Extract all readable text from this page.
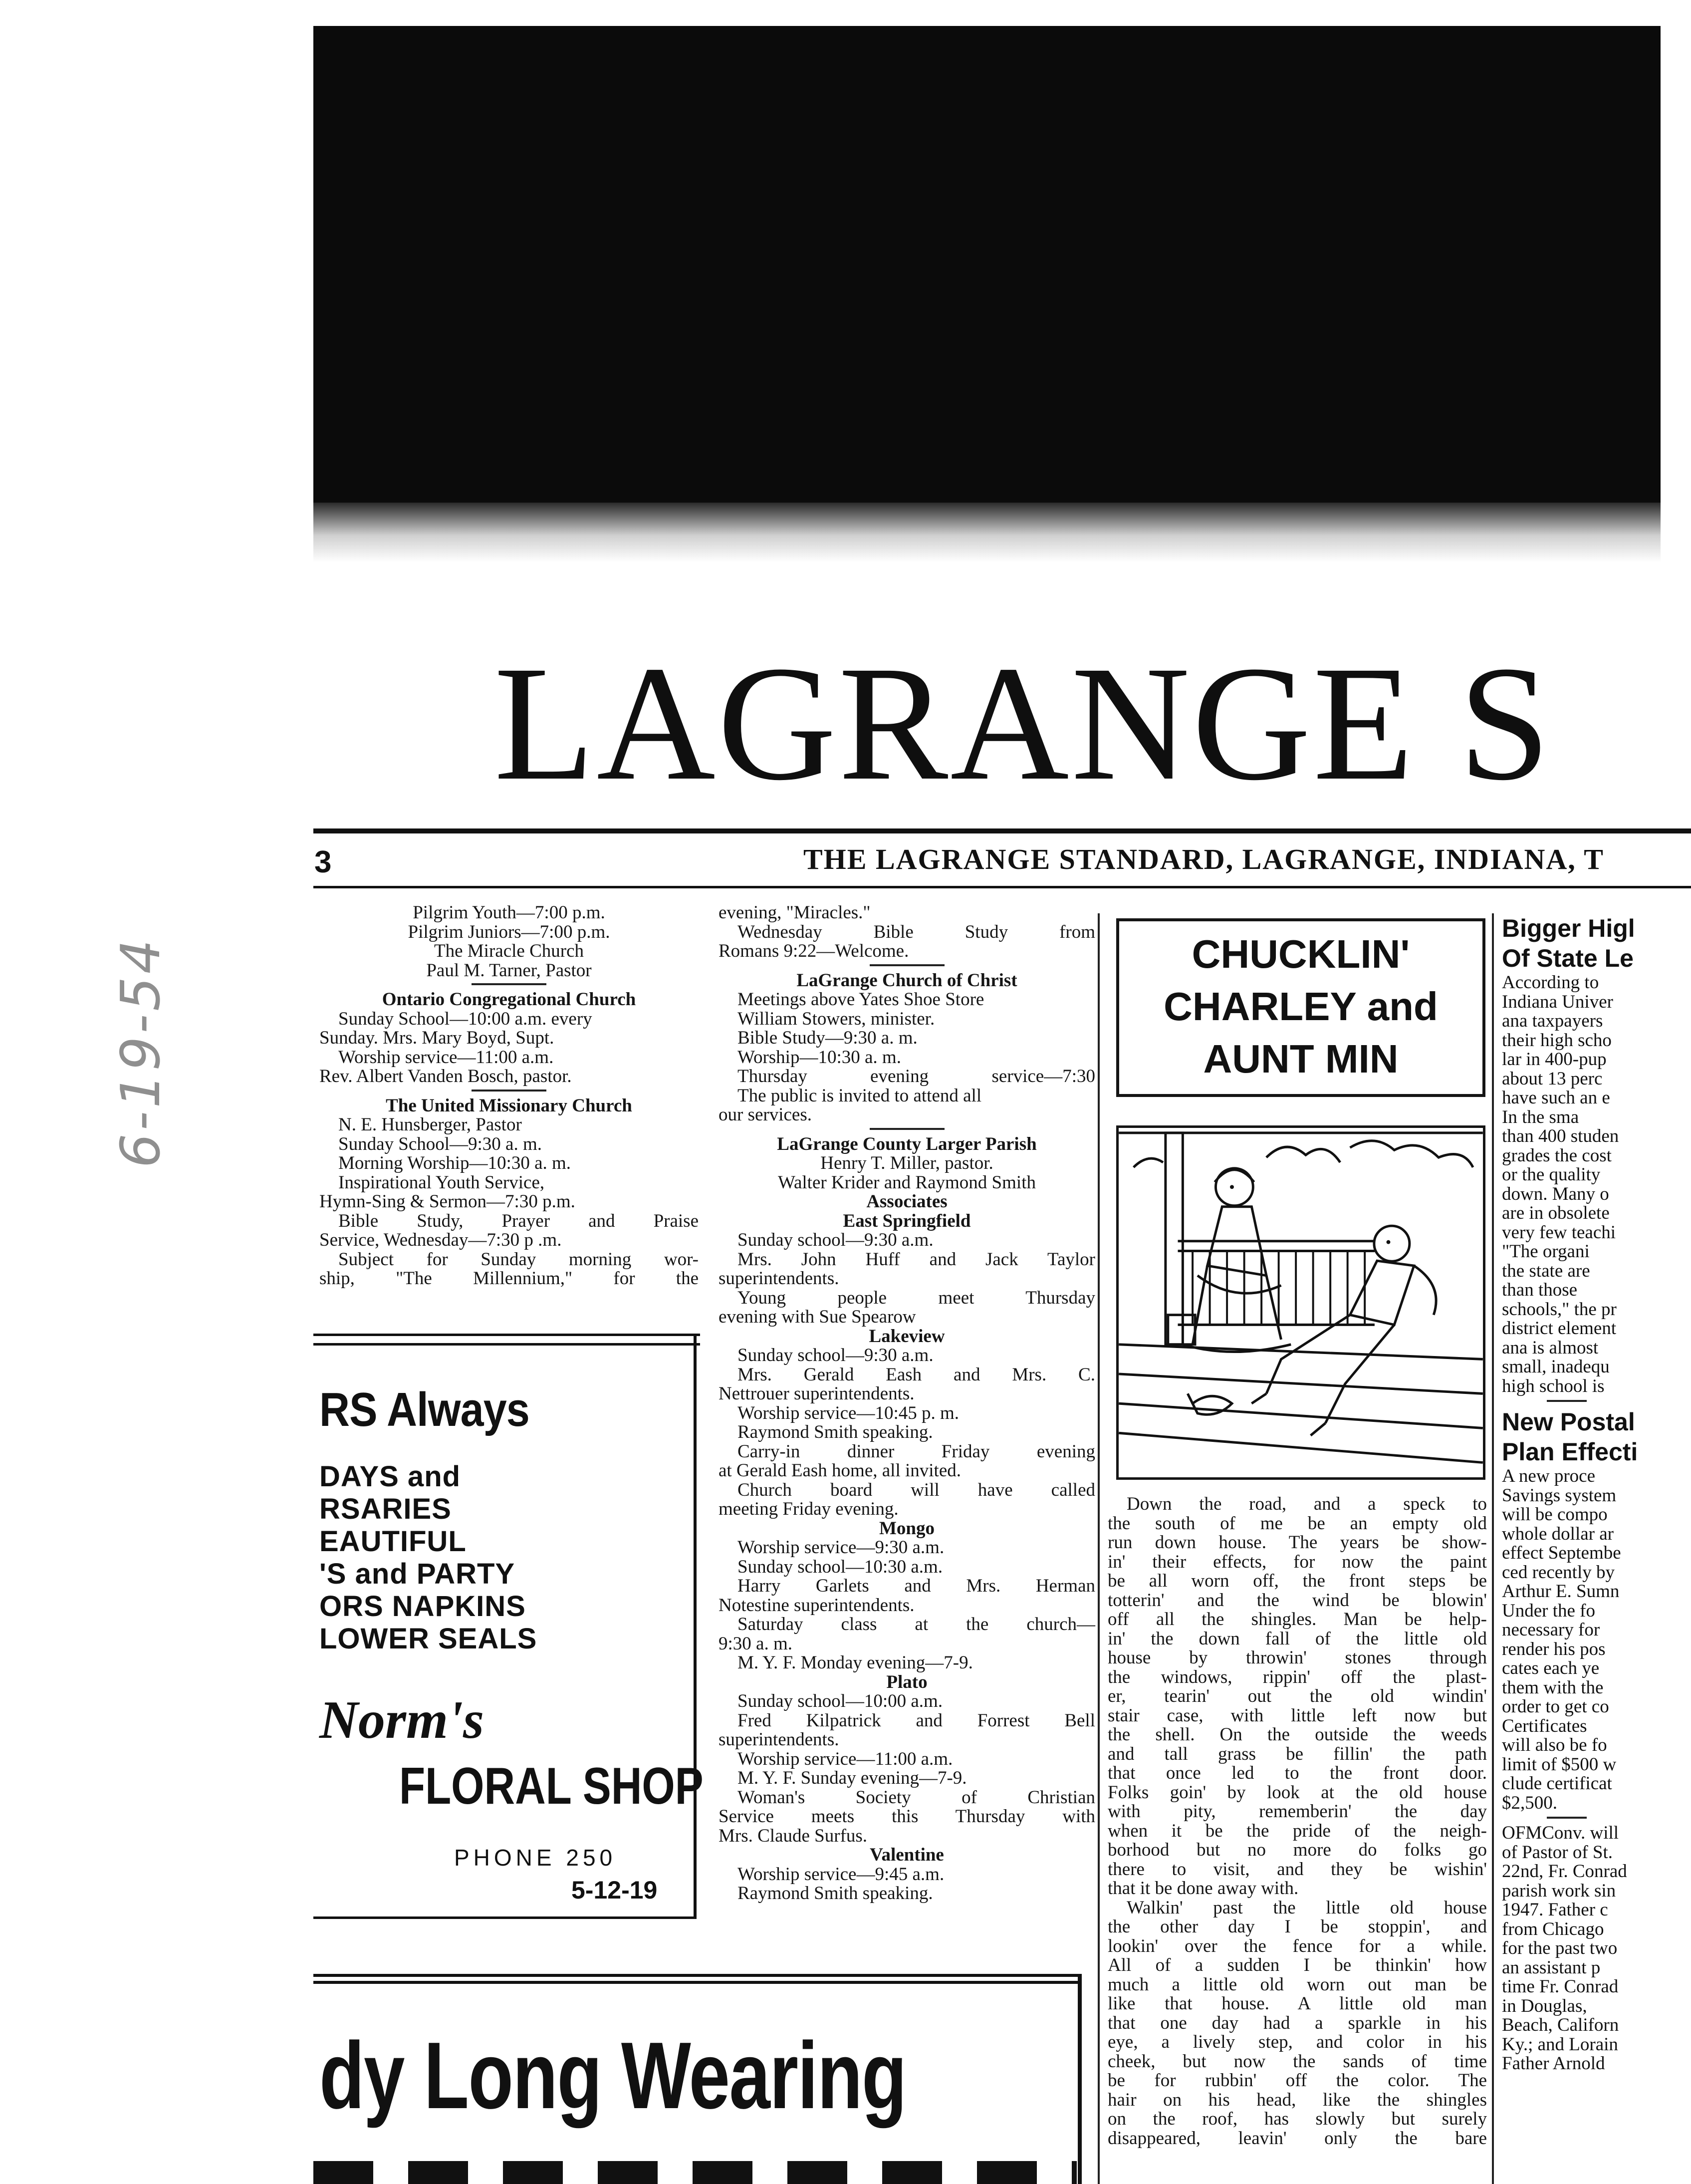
6-19-54
LAGRANGE S
3	THE LAGRANGE STANDARD, LAGRANGE, INDIANA, T

Pilgrim Youth—7:00 p.m.

Pilgrim Juniors—7:00 p.m.

The Miracle Church

Paul M. Tarner, Pastor

Ontario Congregational Church

Sunday School—10:00 a.m. every

Sunday. Mrs. Mary Boyd, Supt.

Worship service—11:00 a.m.

Rev. Albert Vanden Bosch, pastor.

The United Missionary Church

N. E. Hunsberger, Pastor

Sunday School—9:30 a. m.

Morning Worship—10:30 a. m.

Inspirational Youth Service,

Hymn-Sing & Sermon—7:30 p.m.

Bible Study, Prayer and Praise

Service, Wednesday—7:30 p .m.

Subject for Sunday morning wor-

ship, "The Millennium," for the

evening, "Miracles."

Wednesday Bible Study from

Romans 9:22—Welcome.

LaGrange Church of Christ

Meetings above Yates Shoe Store

William Stowers, minister.

Bible Study—9:30 a. m.

Worship—10:30 a. m.

Thursday evening service—7:30

The public is invited to attend all

our services.

LaGrange County Larger Parish

Henry T. Miller, pastor.

Walter Krider and Raymond Smith

Associates

East Springfield

Sunday school—9:30 a.m.

Mrs. John Huff and Jack Taylor

superintendents.

Young people meet Thursday

evening with Sue Spearow

Lakeview

Sunday school—9:30 a.m.

Mrs. Gerald Eash and Mrs. C.

Nettrouer superintendents.

Worship service—10:45 p. m.

Raymond Smith speaking.

Carry-in dinner Friday evening

at Gerald Eash home, all invited.

Church board will have called

meeting Friday evening.

Mongo

Worship service—9:30 a.m.

Sunday school—10:30 a.m.

Harry Garlets and Mrs. Herman

Notestine superintendents.

Saturday class at the church—

9:30 a. m.

M. Y. F. Monday evening—7-9.

Plato

Sunday school—10:00 a.m.

Fred Kilpatrick and Forrest Bell

superintendents.

Worship service—11:00 a.m.

M. Y. F. Sunday evening—7-9.

Woman's Society of Christian

Service meets this Thursday with

Mrs. Claude Surfus.

Valentine

Worship service—9:45 a.m.

Raymond Smith speaking.

RS Always
DAYS and
RSARIES
EAUTIFUL
'S and PARTY
ORS NAPKINS
LOWER SEALS
Norm's
FLORAL SHOP
PHONE 250
5-12-19
dy Long Wearing
CHUCKLIN'
CHARLEY and
AUNT MIN

Down the road, and a speck to

the south of me be an empty old

run down house. The years be show-

in' their effects, for now the paint

be all worn off, the front steps be

totterin' and the wind be blowin'

off all the shingles. Man be help-

in' the down fall of the little old

house by throwin' stones through

the windows, rippin' off the plast-

er, tearin' out the old windin'

stair case, with little left now but

the shell. On the outside the weeds

and tall grass be fillin' the path

that once led to the front door.

Folks goin' by look at the old house

with pity, rememberin' the day

when it be the pride of the neigh-

borhood but no more do folks go

there to visit, and they be wishin'

that it be done away with.

Walkin' past the little old house

the other day I be stoppin', and

lookin' over the fence for a while.

All of a sudden I be thinkin' how

much a little old worn out man be

like that house. A little old man

that one day had a sparkle in his

eye, a lively step, and color in his

cheek, but now the sands of time

be for rubbin' off the color. The

hair on his head, like the shingles

on the roof, has slowly but surely

disappeared, leavin' only the bare

Bigger Higl
Of State Le
According to
Indiana Univer
ana taxpayers
their high scho
lar in 400-pup
about 13 perc
have such an e
In the sma
than 400 studen
grades the cost
or the quality
down. Many o
are in obsolete
very few teachi
"The organi
the state are
than those
schools," the pr
district element
ana is almost
small, inadequ
high school is
New Postal
Plan Effecti
A new proce
Savings system
will be compo
whole dollar ar
effect Septembe
ced recently by
Arthur E. Sumn
Under the fo
necessary for
render his pos
cates each ye
them with the
order to get co
Certificates
will also be fo
limit of $500 w
clude certificat
$2,500.
OFMConv. will
of Pastor of St.
22nd, Fr. Conrad
parish work sin
1947. Father c
from Chicago
for the past two
an assistant p
time Fr. Conrad
in Douglas,
Beach, Californ
Ky.; and Lorain
Father Arnold
